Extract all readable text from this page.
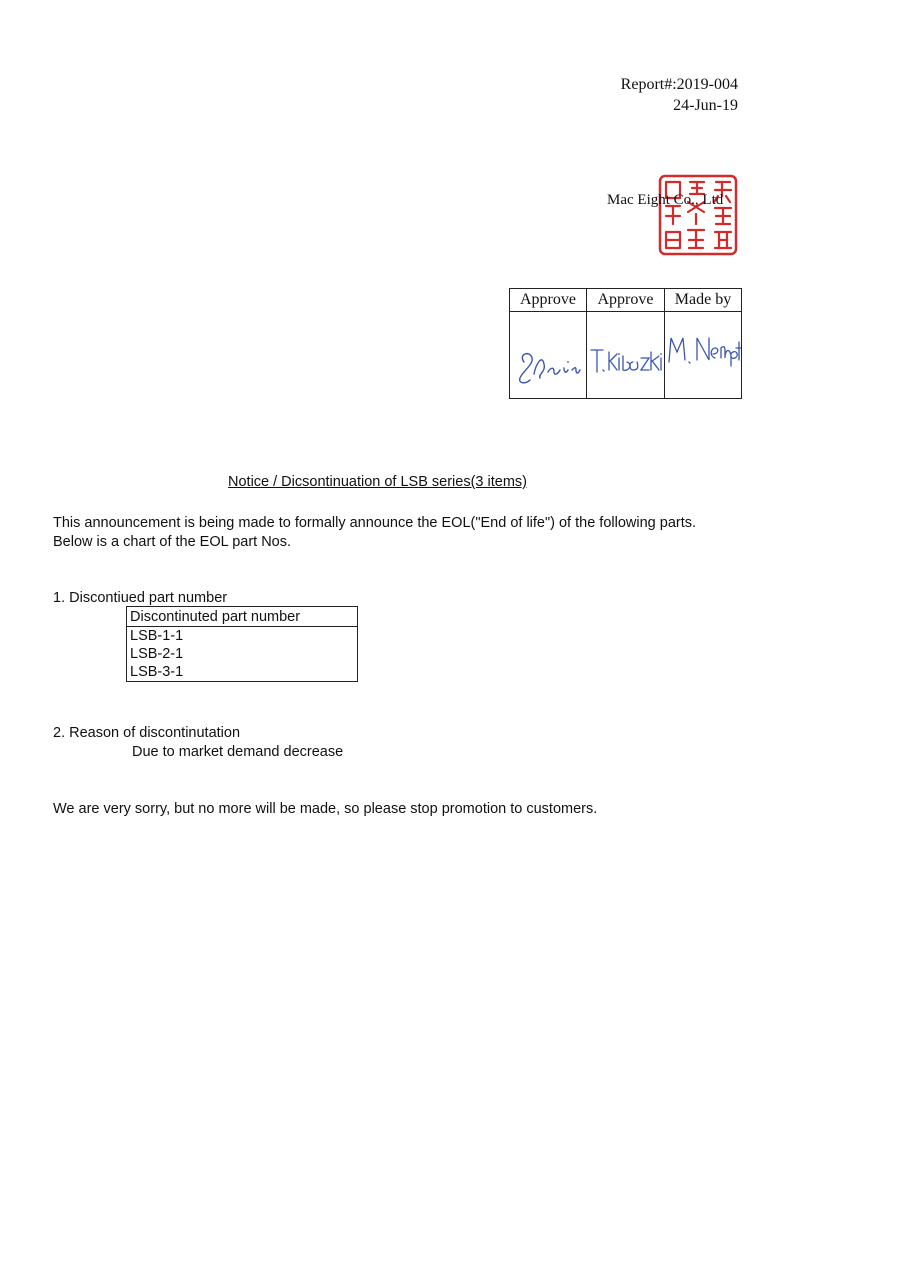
Report#:2019-004
24-Jun-19
Mac Eight Co., Ltd
Approve	Approve	Made by

Notice / Dicsontinuation of LSB series(3 items)
This announcement is being made to formally announce the EOL("End of life") of the following parts.
Below is a chart of the EOL part Nos.
1. Discontiued part number
Discontinuted part number
LSB-1-1
LSB-2-1
LSB-3-1
2. Reason of discontinutation
Due to market demand decrease
We are very sorry, but no more will be made, so please stop promotion to customers.
